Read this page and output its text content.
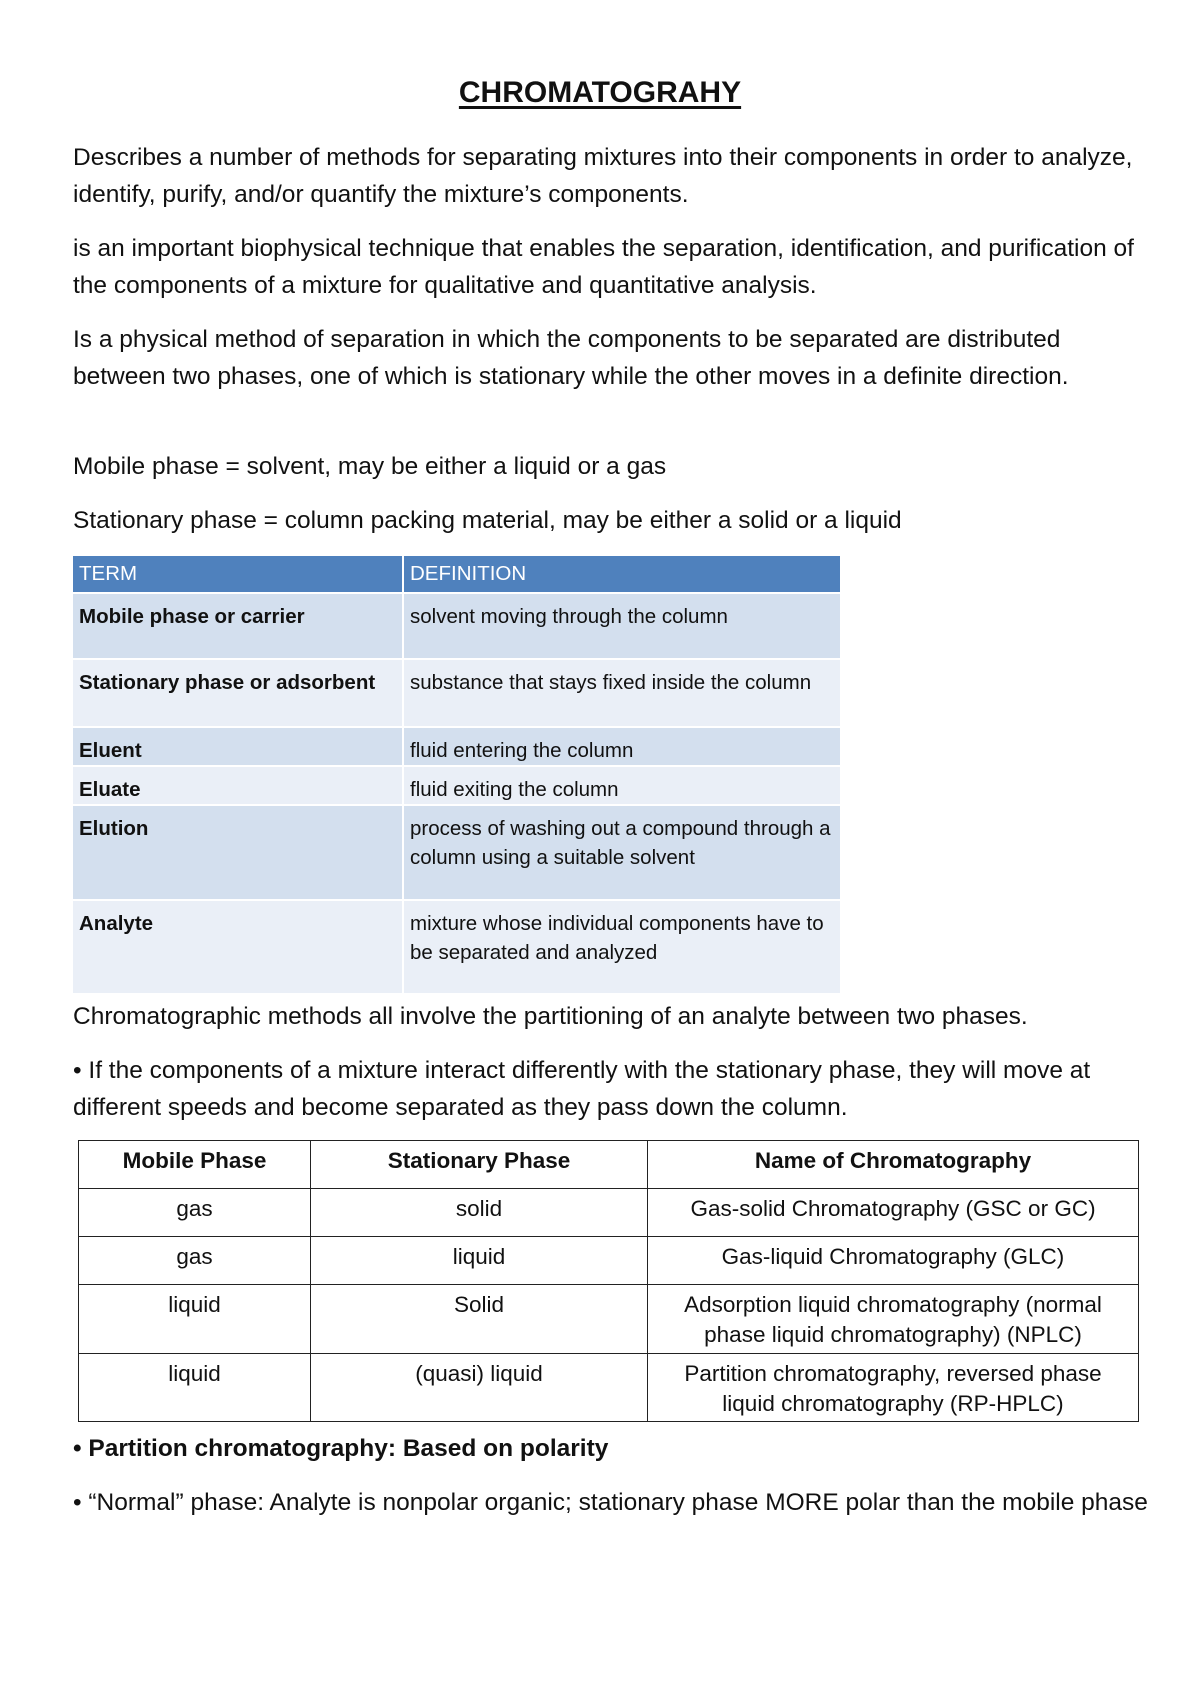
CHROMATOGRAHY

Describes a number of methods for separating mixtures into their components in order to analyze, identify, purify, and/or quantify the mixture’s components.

is an important biophysical technique that enables the separation, identification, and purification of the components of a mixture for qualitative and quantitative analysis.

Is a physical method of separation in which the components to be separated are distributed between two phases, one of which is stationary while the other moves in a definite direction.

Mobile phase = solvent, may be either a liquid or a gas

Stationary phase = column packing material, may be either a solid or a liquid

TERM	DEFINITION
Mobile phase or carrier	solvent moving through the column
Stationary phase or adsorbent	substance that stays fixed inside the column
Eluent	fluid entering the column
Eluate	fluid exiting the column
Elution	process of washing out a compound through a column using a suitable solvent
Analyte	mixture whose individual components have to be separated and analyzed

Chromatographic methods all involve the partitioning of an analyte between two phases.

• If the components of a mixture interact differently with the stationary phase, they will move at different speeds and become separated as they pass down the column.

Mobile Phase	Stationary Phase	Name of Chromatography
gas	solid	Gas-solid Chromatography (GSC or GC)
gas	liquid	Gas-liquid Chromatography (GLC)
liquid	Solid	Adsorption liquid chromatography (normal phase liquid chromatography) (NPLC)
liquid	(quasi) liquid	Partition chromatography, reversed phase liquid chromatography (RP-HPLC)

• Partition chromatography: Based on polarity

• “Normal” phase: Analyte is nonpolar organic; stationary phase MORE polar than the mobile phase
